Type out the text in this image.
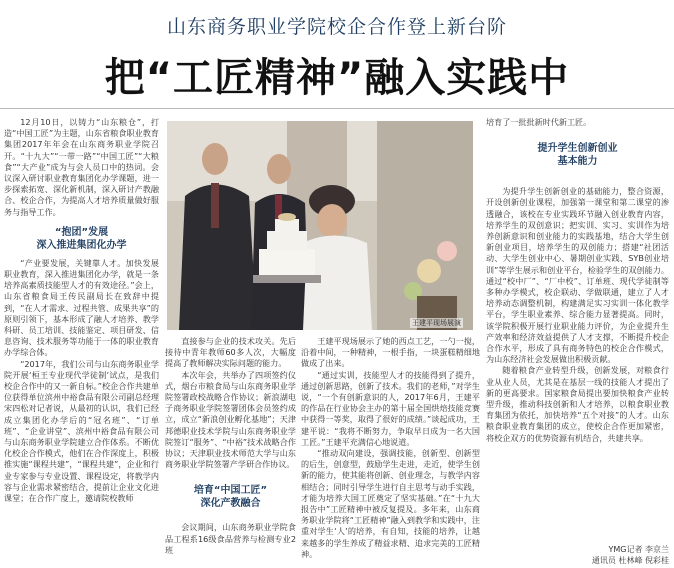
山东商务职业学院校企合作登上新台阶
把“工匠精神”融入实践中

12月10日，以铸力“山东粮仓”，打造“中国工匠”为主题，山东省粮食职业教育集团2017年年会在山东商务职业学院召开。“十九大”“一带一路”“中国工匠”“大粮食”“大产业”成为与会人员口中的热词。会议深入研讨职业教育集团化办学课题，进一步探索拓宽、深化新机制，深入研讨产教融合、校企合作，为提高人才培养质量做好服务与指导工作。

“抱团”发展
深入推进集团化办学

“产业要发展，关键靠人才。加快发展职业教育，深入推进集团化办学，就是一条培养高素质技能型人才的有效途径。”会上，山东省粮食局王传民副局长在致辞中提到，“在人才需求、过程共管、成果共享”的原则引领下，基本形成了融人才培养、教学科研、员工培训、技能鉴定、项目研发、信息咨询、技术服务等功能于一体的职业教育办学综合体。

“2017年，我们公司与山东商务职业学院开展‘桓王专业现代学徒制’试点，是我们校企合作中的又一新自标。”校企合作共建单位获得单位滨州中裕食品有限公司副总经理宋四松对记者说，从最初的认识，我们已经成立集团化办学后的“冠名班”、“订单班”、“企业讲堂”、滨州中裕食品有限公司与山东商务职业学院建立合作体系。不断优化校企合作模式，他们在合作深度上，积极推实施“课程共建”，“课程共建”，企业和行业专家参与专业设置、课程设定，将教学内容与企业需求紧密结合，提前让企业文化进课堂；在合作广度上，邀请院校教师

王建平现场展演

直接参与企业的技术攻关。先后接待中青年教师60多人次，大幅度提高了教师解决实际问题的能力。

本次年会，共举办了四项签约仪式，烟台市粮食局与山东商务职业学院签署政校战略合作协议；新浪湖电子商务职业学院签署团体会员签约成立，成立“新浪创业孵化基地”；天津邦德职业技术学院与山东商务职业学院签订“服务”、“中裕”技术战略合作协议；天津职业技术师范大学与山东商务职业学院签署产学研合作协议。

培育“中国工匠”
深化产教融合

会议期间，山东商务职业学院食品工程系16级食品营养与检测专业2班

王建平现场展示了她的西点工艺，一勺一搅，沿着中间，一种精神，一根手指，一块蛋糕精细地做成了出来。

“通过实训，技能型人才的技能得到了提升，通过创新思路，创新了技术。我们的老师，”对学生说，“一个有创新意识的人，2017年6月，王建平的作品在行业协会主办的第十届全国烘焙技能竞赛中获得一等奖，取得了很好的成绩。”谈起成功，王建平说：“我将不断努力，争取早日成为一名大国工匠。”王建平充满信心地说道。

“推动双向建设，强调技能，创新型、创新型的后生，创意型，鼓励学生走进，走近，使学生创新的能力，使其能将创新、创业理念，与教学内容相结合；同时引导学生进行自主思考与动手实践，才能为培养大国工匠奠定了坚实基础。”在“十九大报告中”工匠精神中被反复提及。多年来，山东商务职业学院将“工匠精神”融入到教学和实践中，注重对学生‘人’的培养，有自知，技能的培养，让越来越多的学生养成了精益求精、追求完美的工匠精神。

培育了一批批新时代新工匠。

提升学生创新创业
基本能力

为提升学生创新创业的基础能力，整合资源，开设创新创业课程，加强第一课堂和第二课堂的渗透融合，该校在专业实践环节融入创业教育内容，培养学生的双创意识；把实训、实习、实训作为培养创新意识和创业能力的实践基地，结合大学生创新创业项目，培养学生的双创能力；搭建“社团活动、大学生创业中心、暑期创业实践、SYB创业培训”等学生展示和创业平台，检验学生的双创能力。通过“校中厂”、“厂中校”、订单班、现代学徒制等多种办学模式，校企联动、学做联通，建立了人才培养动态调整机制，构建满足实习实训一体化教学平台，学生职业素养、综合能力显著提高。同时，该学院积极开展行业职业能力评价，为企业提升生产效率和经济效益提供了人才支撑，不断提升校企合作水平，形成了具有商务特色的校企合作模式，为山东经济社会发展做出积极贡献。

随着粮食产业转型升级，创新发展，对粮食行业从业人员，尤其是在基层一线的技能人才提出了新的更高要求。国家粮食局提出要加快粮食产业转型升级，推动科技创新和人才培养，以粮食职业教育集团为依托，加快培养“五个对接”的人才。山东粮食职业教育集团的成立，使校企合作更加紧密，将校企双方的优势资源有机结合，共建共享。

YMG记者 李京兰
通讯员 杜林峰 倪彩桂
